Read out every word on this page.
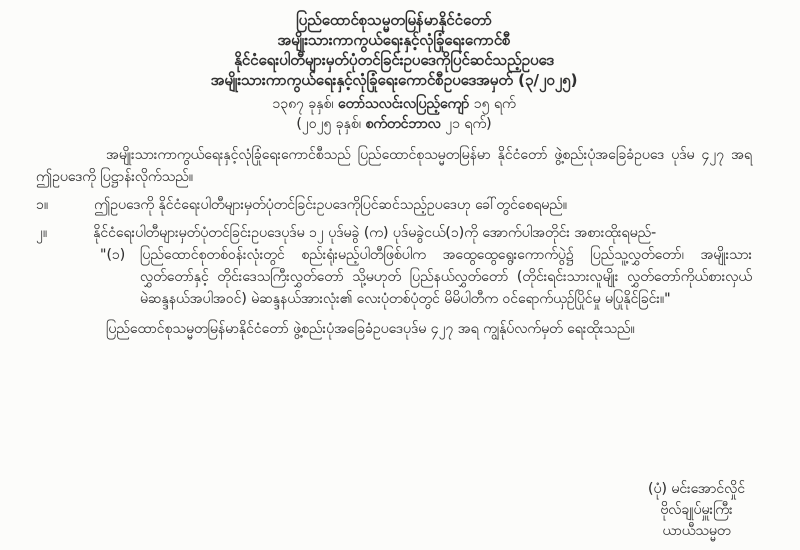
ပြည်ထောင်စုသမ္မတမြန်မာနိုင်ငံတော်
အမျိုးသားကာကွယ်ရေးနှင့်လုံခြုံရေးကောင်စီ
နိုင်ငံရေးပါတီများမှတ်ပုံတင်ခြင်းဥပဒေကိုပြင်ဆင်သည့်ဥပဒေ
အမျိုးသားကာကွယ်ရေးနှင့်လုံခြုံရေးကောင်စီဥပဒေအမှတ် (၃/၂၀၂၅)
၁၃၈၇ ခုနှစ်၊ တော်သလင်းလပြည့်ကျော် ၁၅ ရက်
(၂၀၂၅ ခုနှစ်၊ စက်တင်ဘာလ ၂၁ ရက်)

အမျိုးသားကာကွယ်ရေးနှင့်လုံခြုံရေးကောင်စီသည် ပြည်ထောင်စုသမ္မတမြန်မာ နိုင်ငံတော် ဖွဲ့စည်းပုံအခြေခံဥပဒေ ပုဒ်မ ၄၂၇ အရ ဤဥပဒေကို ပြဋ္ဌာန်းလိုက်သည်။

၁။	ဤဥပဒေကို နိုင်ငံရေးပါတီများမှတ်ပုံတင်ခြင်းဥပဒေကိုပြင်ဆင်သည့်ဥပဒေဟု ခေါ်တွင်စေရမည်။

၂။	နိုင်ငံရေးပါတီများမှတ်ပုံတင်ခြင်းဥပဒေပုဒ်မ ၁၂ ပုဒ်မခွဲ (က) ပုဒ်မခွဲငယ်(၁)ကို အောက်ပါအတိုင်း အစားထိုးရမည်-

"(၁)	ပြည်ထောင်စုတစ်ဝန်းလုံးတွင် စည်းရုံးမည့်ပါတီဖြစ်ပါက အထွေထွေရွေးကောက်ပွဲ၌ ပြည်သူ့လွှတ်တော်၊ အမျိုးသားလွှတ်တော်နှင့် တိုင်းဒေသကြီးလွှတ်တော် သို့မဟုတ် ပြည်နယ်လွှတ်တော် (တိုင်းရင်းသားလူမျိုး လွှတ်တော်ကိုယ်စားလှယ် မဲဆန္ဒနယ်အပါအဝင်) မဲဆန္ဒနယ်အားလုံး၏ လေးပုံတစ်ပုံတွင် မိမိပါတီက ဝင်ရောက်ယှဉ်ပြိုင်မှု မပြုနိုင်ခြင်း။"

ပြည်ထောင်စုသမ္မတမြန်မာနိုင်ငံတော် ဖွဲ့စည်းပုံအခြေခံဥပဒေပုဒ်မ ၄၂၇ အရ ကျွန်ုပ်လက်မှတ် ရေးထိုးသည်။

(ပုံ) မင်းအောင်လှိုင်
ဗိုလ်ချုပ်မှူးကြီး
ယာယီသမ္မတ
